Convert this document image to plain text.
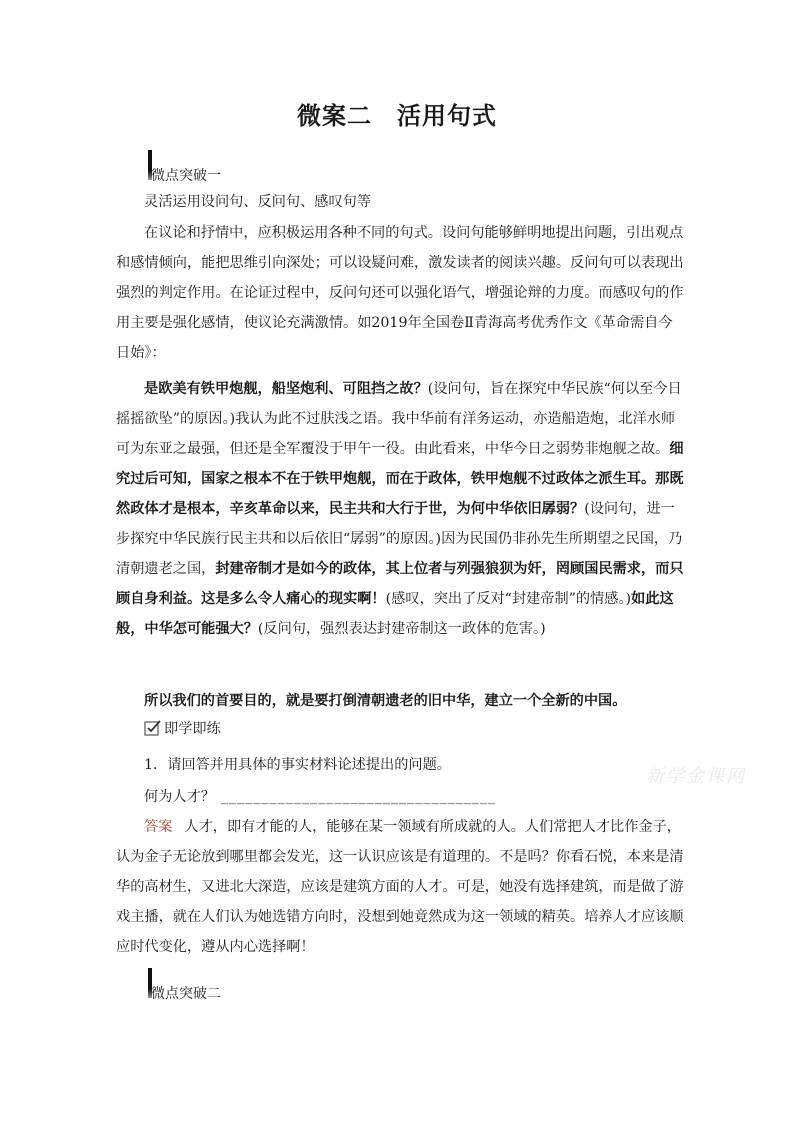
微案二　活用句式
微点突破一
灵活运用设问句、反问句、感叹句等
在议论和抒情中，应积极运用各种不同的句式。设问句能够鲜明地提出问题，引出观点和感情倾向，能把思维引向深处；可以设疑问难，激发读者的阅读兴趣。反问句可以表现出强烈的判定作用。在论证过程中，反问句还可以强化语气，增强论辩的力度。而感叹句的作用主要是强化感情，使议论充满激情。如2019年全国卷Ⅱ青海高考优秀作文《革命需自今日始》：
是欧美有铁甲炮舰，船坚炮利、可阻挡之故？(设问句，旨在探究中华民族“何以至今日摇摇欲坠”的原因。)我认为此不过肤浅之语。我中华前有洋务运动，亦造船造炮，北洋水师可为东亚之最强，但还是全军覆没于甲午一役。由此看来，中华今日之弱势非炮舰之故。细究过后可知，国家之根本不在于铁甲炮舰，而在于政体，铁甲炮舰不过政体之派生耳。那既然政体才是根本，辛亥革命以来，民主共和大行于世，为何中华依旧孱弱？(设问句，进一步探究中华民族行民主共和以后依旧“孱弱”的原因。)因为民国仍非孙先生所期望之民国，乃清朝遗老之国，封建帝制才是如今的政体，其上位者与列强狼狈为奸，罔顾国民需求，而只顾自身利益。这是多么令人痛心的现实啊！(感叹，突出了反对“封建帝制”的情感。)如此这般，中华怎可能强大？(反问句，强烈表达封建帝制这一政体的危害。)
所以我们的首要目的，就是要打倒清朝遗老的旧中华，建立一个全新的中国。
即学即练
1．请回答并用具体的事实材料论述提出的问题。
何为人才？ __________________________________
答案 人才，即有才能的人，能够在某一领域有所成就的人。人们常把人才比作金子，认为金子无论放到哪里都会发光，这一认识应该是有道理的。不是吗？你看石悦，本来是清华的高材生，又进北大深造，应该是建筑方面的人才。可是，她没有选择建筑，而是做了游戏主播，就在人们认为她选错方向时，没想到她竟然成为这一领域的精英。培养人才应该顺应时代变化，遵从内心选择啊！
微点突破二
新学金课网
